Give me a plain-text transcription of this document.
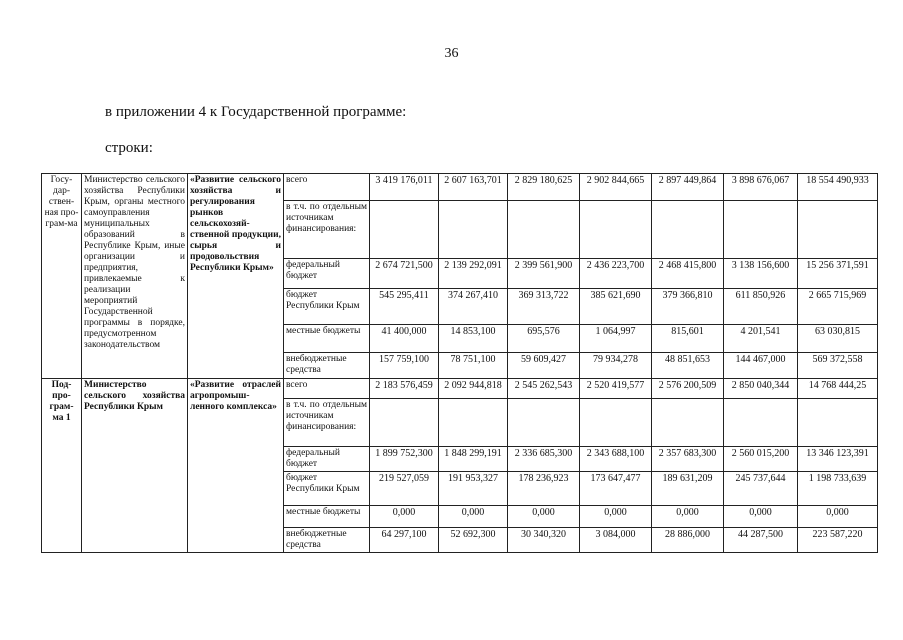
36
в приложении 4 к Государственной программе:
строки:
Госу-дар-ствен-ная про-грам-ма	Министерство сельского хозяйства Республики Крым, органы местного самоуправления муниципальных образований в Республике Крым, иные организации и предприятия, привлекаемые к реализации мероприятий Государственной программы в порядке, предусмотренном законодательством	«Развитие сельского хозяйства и регулирования рынков сельскохозяй-ственной продукции, сырья и продовольствия Республики Крым»	всего	3 419 176,011	2 607 163,701	2 829 180,625	2 902 844,665	2 897 449,864	3 898 676,067	18 554 490,933
			в т.ч. по отдельным источникам финансирования:							
			федеральный бюджет	2 674 721,500	2 139 292,091	2 399 561,900	2 436 223,700	2 468 415,800	3 138 156,600	15 256 371,591
			бюджет Республики Крым	545 295,411	374 267,410	369 313,722	385 621,690	379 366,810	611 850,926	2 665 715,969
			местные бюджеты	41 400,000	14 853,100	695,576	1 064,997	815,601	4 201,541	63 030,815
			внебюджетные средства	157 759,100	78 751,100	59 609,427	79 934,278	48 851,653	144 467,000	569 372,558
Под-про-грам-ма 1	Министерство сельского хозяйства Республики Крым	«Развитие отраслей агропромыш-ленного комплекса»	всего	2 183 576,459	2 092 944,818	2 545 262,543	2 520 419,577	2 576 200,509	2 850 040,344	14 768 444,25
			в т.ч. по отдельным источникам финансирования:							
			федеральный бюджет	1 899 752,300	1 848 299,191	2 336 685,300	2 343 688,100	2 357 683,300	2 560 015,200	13 346 123,391
			бюджет Республики Крым	219 527,059	191 953,327	178 236,923	173 647,477	189 631,209	245 737,644	1 198 733,639
			местные бюджеты	0,000	0,000	0,000	0,000	0,000	0,000	0,000
			внебюджетные средства	64 297,100	52 692,300	30 340,320	3 084,000	28 886,000	44 287,500	223 587,220
